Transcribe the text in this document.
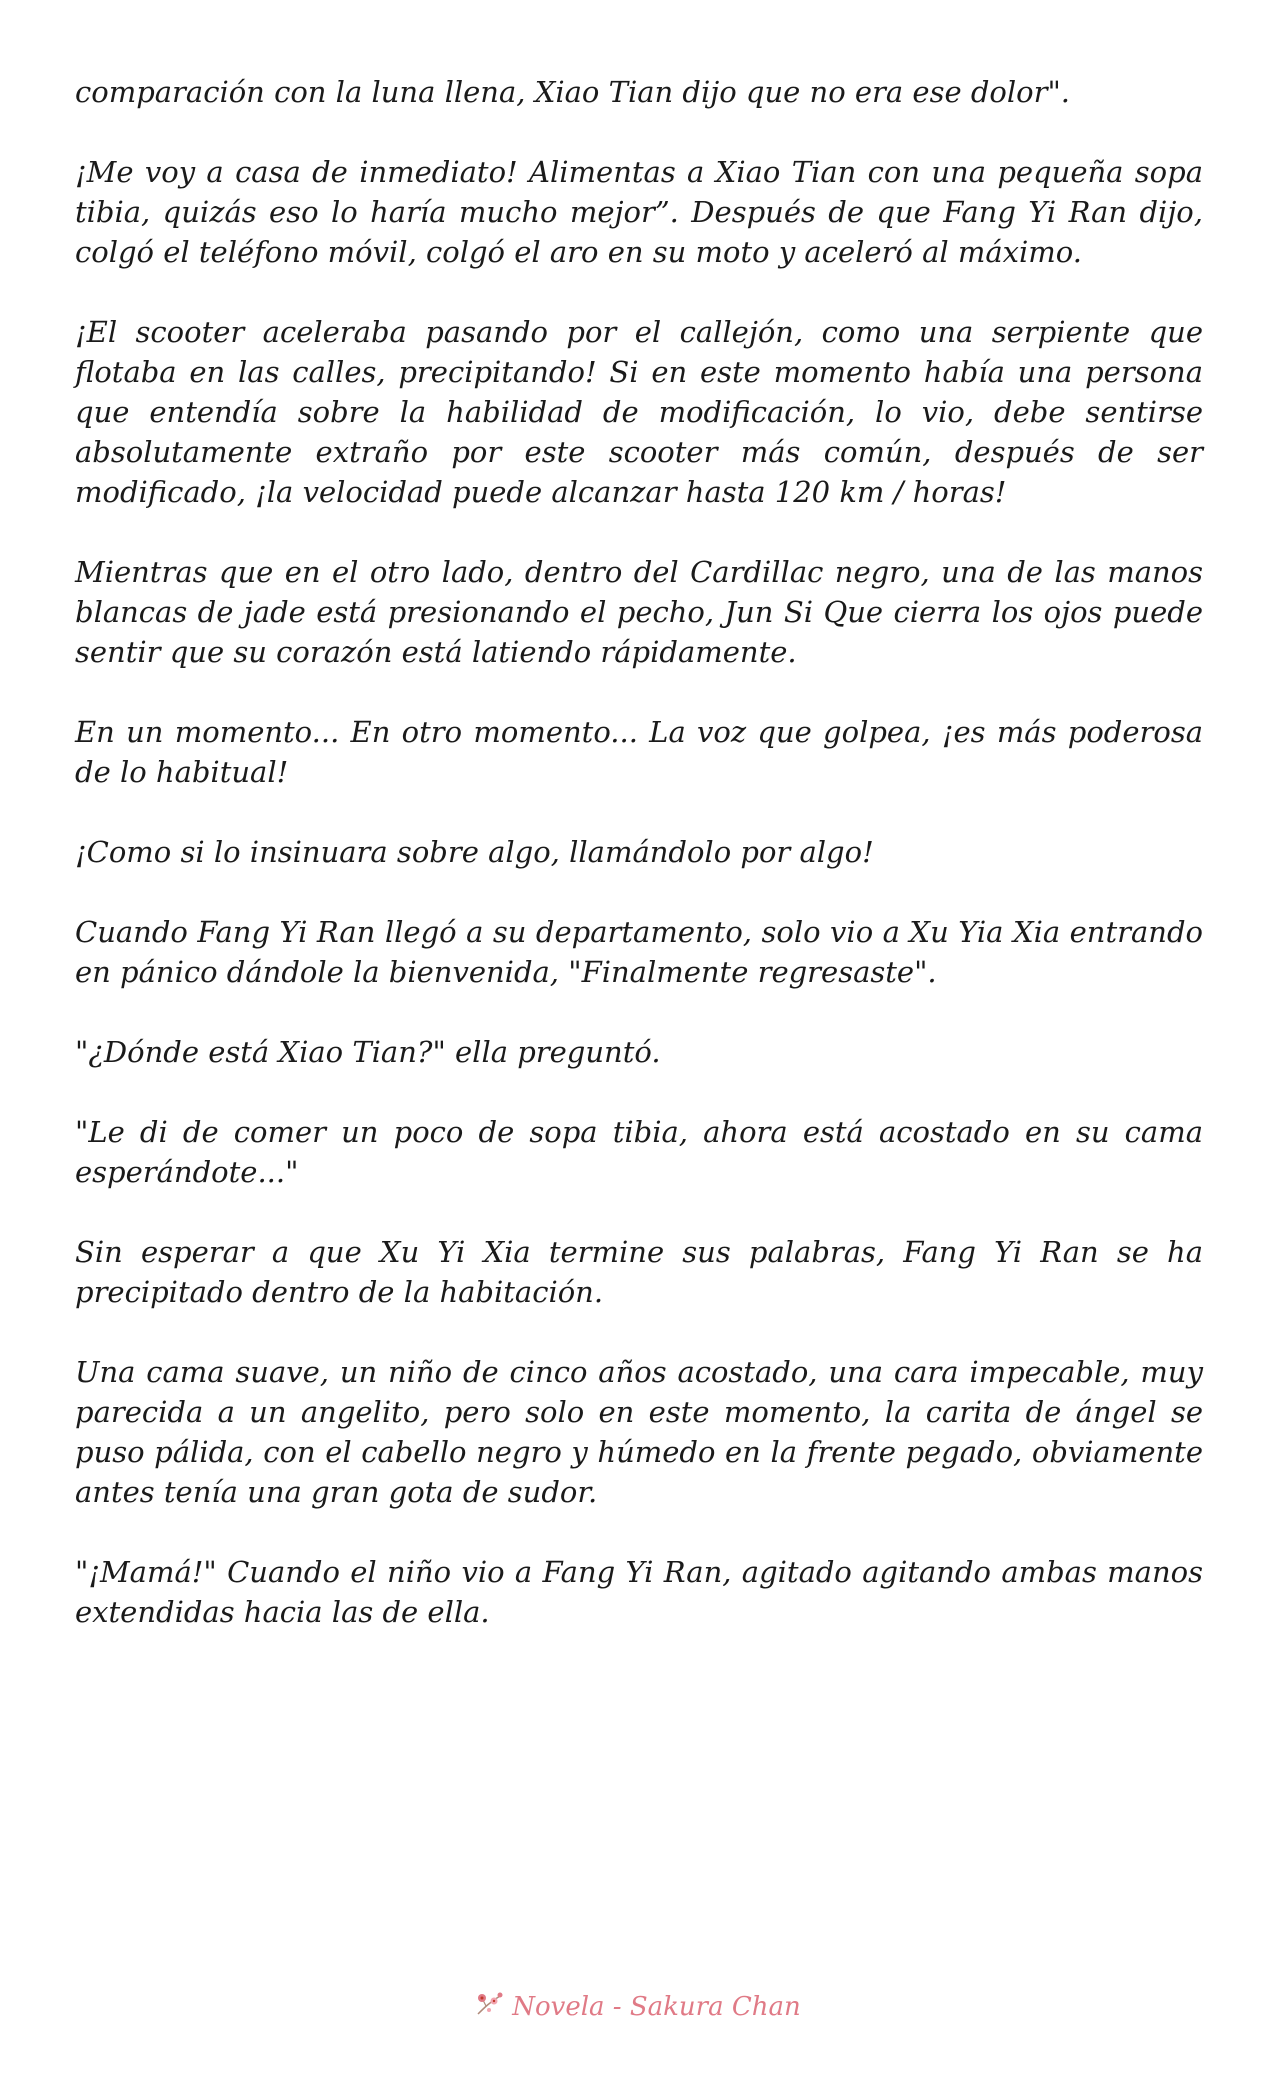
comparación con la luna llena, Xiao Tian dijo que no era ese dolor".

¡Me voy a casa de inmediato! Alimentas a Xiao Tian con una pequeña sopa tibia, quizás eso lo haría mucho mejor”. Después de que Fang Yi Ran dijo, colgó el teléfono móvil, colgó el aro en su moto y aceleró al máximo.

¡El scooter aceleraba pasando por el callejón, como una serpiente que flotaba en las calles, precipitando! Si en este momento había una persona que entendía sobre la habilidad de modificación, lo vio, debe sentirse absolutamente extraño por este scooter más común, después de ser modificado, ¡la velocidad puede alcanzar hasta 120 km / horas!

Mientras que en el otro lado, dentro del Cardillac negro, una de las manos blancas de jade está presionando el pecho, Jun Si Que cierra los ojos puede sentir que su corazón está latiendo rápidamente.

En un momento... En otro momento... La voz que golpea, ¡es más poderosa de lo habitual!

¡Como si lo insinuara sobre algo, llamándolo por algo!

Cuando Fang Yi Ran llegó a su departamento, solo vio a Xu Yia Xia entrando en pánico dándole la bienvenida, "Finalmente regresaste".

"¿Dónde está Xiao Tian?" ella preguntó.

"Le di de comer un poco de sopa tibia, ahora está acostado en su cama esperándote..."

Sin esperar a que Xu Yi Xia termine sus palabras, Fang Yi Ran se ha precipitado dentro de la habitación.

Una cama suave, un niño de cinco años acostado, una cara impecable, muy parecida a un angelito, pero solo en este momento, la carita de ángel se puso pálida, con el cabello negro y húmedo en la frente pegado, obviamente antes tenía una gran gota de sudor.

"¡Mamá!" Cuando el niño vio a Fang Yi Ran, agitado agitando ambas manos extendidas hacia las de ella.

Novela - Sakura Chan
